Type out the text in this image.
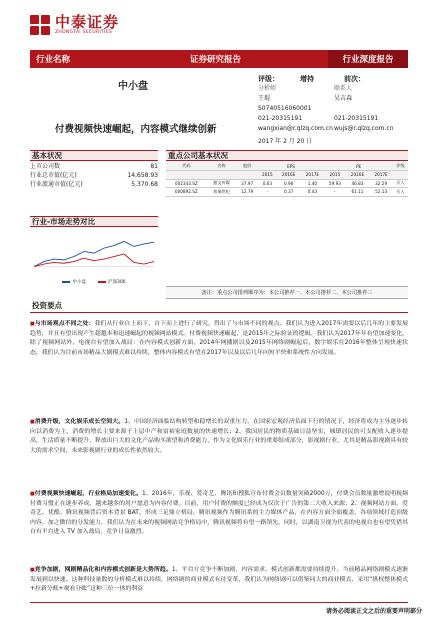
中泰证券
ZHONGTAI SECURITIES
行业名称	证券研究报告	行业深度报告
中小盘
付费视频快速崛起，内容模式继续创新
评级：	增持	前次：
分析师	联系人
王琨	吴吉森
S0740516060001
021-20315191	021-20315191
wangxian@r.qlzq.com.cn wujs@r.qlzq.com.cn
2017 年 2 月 20 日
基本状况
上市公司数	81
行业总市值(亿元)	14,658.93
行业流通市值(亿元)	5,370.68
行业-市场走势对比
中小盘	沪深300
重点公司基本状况
代码	名称	股价	EPS			PE			评级
			2015	2016E	2017E	2015	2016E	2017E	
002343.SZ	慈文传媒	37.97	0.63	0.96	1.40	59.93	46.83	32.29	买入
000892.SZ	欢瑞世纪	12.79	-	0.37	0.43	-	61.11	52.13	买入
备注：重点公司排列顺序为：本公司推荐一、本公司推荐二、本公司推荐三
投资要点
■与市场观点不同之处：我们从行业自上而下、自下而上进行了研究，得出了与市场不同的观点。我们认为进入2017年需要以后几年的主要发展趋势，并且有望出现产生超越本和迅速崛起的视频网站模式。付费视频快速崛起，是2015年之际验证的逻辑。我们认为2017年年有望加速变化，除了视频网站外，电视台有望加入战局：在内容模式创新方面，2014年网播剧以及2015年网络剧崛起后，数字娱乐在2016年整体呈现快速状态，我们认为目前市场精品大剧模式难以持续，整体内容模式有望在2017年以及以后几年向短平快和系统性方向发展。
■消费升级，文化娱乐成长空间大。1、中国经济面临结构转型和稳增长的双重压力，在国家宏观经济负面下行的情况下，经济将成为主导逐步转向以消费为主，消费的增长主要来源于上层中产和富裕家庭数量的快速增长；2、我国居民的物质基础日益坚实，城镇居民的可支配收入逐步提高，生活质量不断提升，释放出巨大的文化产品购买欲望和消费能力，作为文化娱乐行业的重要组成部分，影视剧行业，尤其是精品影视剧具有较大的需求空间，未来影视剧行业的成长性依然较大。
■付费视频快速崛起，行业格局加速变化。1、2016年，乐视、爱奇艺、腾讯和搜狐宣布付费会员数量突破2000万，付费会员数量激增说明视频付费习惯正在逐步养成，越来越多的用户愿意为内容付费。目前，用户付费的额度已经成为仅次于广告的第二大收入来源；2、视频网站方面，爱奇艺、优酷、腾讯视频背后资本背景 BAT，形成三足鼎立格局。腾讯视频作为腾讯系的主力媒体产品，在内容方面全面覆盖，各项领域打造顶级内容，加之微信的分发能力，我们认为在未来的视频网站竞争格局中，腾讯视频将有望一路领先，同时，以湖南卫视为代表的电视台也有望凭借其自有平台进入 TV 加入战局，竞争日益激烈。
■竞争加剧，网剧精品化和内容模式创新是大势所趋。1、平台方竞争不断加剧，内容需求、模式创新都需要持续提升。当前精品网络剧模式逐渐发展到以快速、这种科技量数的分析模式难以持续，网络剧的商业模式有待变革，我们认为网络剧可以借鉴同大的商业模式，采用“纵权整体模式+拉新分账+观看分账”这种三位一体的利益
请务必阅读正文之后的重要声明部分
